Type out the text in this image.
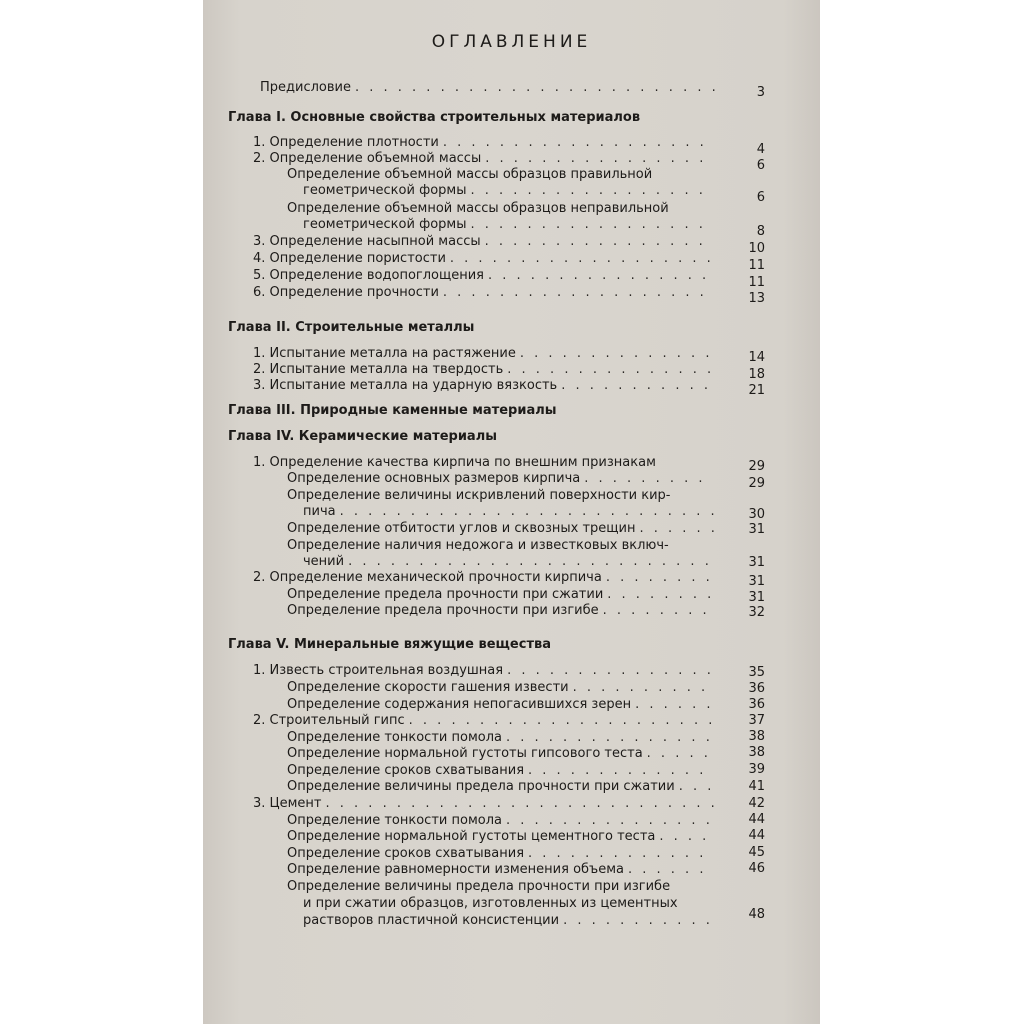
ОГЛАВЛЕНИЕ
Предисловие . . .	3
Глава I. Основные свойства строительных материалов
1. Определение плотности . . .	4
2. Определение объемной массы . . .	6
Определение объемной массы образцов правильной
геометрической формы . . .	6
Определение объемной массы образцов неправильной
геометрической формы . . .	8
3. Определение насыпной массы . . .	10
4. Определение пористости . . .	11
5. Определение водопоглощения . . .	11
6. Определение прочности . . .	13
Глава II. Строительные металлы
1. Испытание металла на растяжение . . .	14
2. Испытание металла на твердость . . .	18
3. Испытание металла на ударную вязкость . . .	21
Глава III. Природные каменные материалы
Глава IV. Керамические материалы
1. Определение качества кирпича по внешним признакам	29
Определение основных размеров кирпича . . .	29
Определение величины искривлений поверхности кир-
пича . . .	30
Определение отбитости углов и сквозных трещин . . .	31
Определение наличия недожога и известковых включ-
чений . . .	31
2. Определение механической прочности кирпича . . .	31
Определение предела прочности при сжатии . . .	31
Определение предела прочности при изгибе . . .	32
Глава V. Минеральные вяжущие вещества
1. Известь строительная воздушная . . .	35
Определение скорости гашения извести . . .	36
Определение содержания непогасившихся зерен . . .	36
2. Строительный гипс . . .	37
Определение тонкости помола . . .	38
Определение нормальной густоты гипсового теста . . .	38
Определение сроков схватывания . . .	39
Определение величины предела прочности при сжатии . . .	41
3. Цемент . . .	42
Определение тонкости помола . . .	44
Определение нормальной густоты цементного теста . . .	44
Определение сроков схватывания . . .	45
Определение равномерности изменения объема . . .	46
Определение величины предела прочности при изгибе
и при сжатии образцов, изготовленных из цементных
растворов пластичной консистенции . . .	48
